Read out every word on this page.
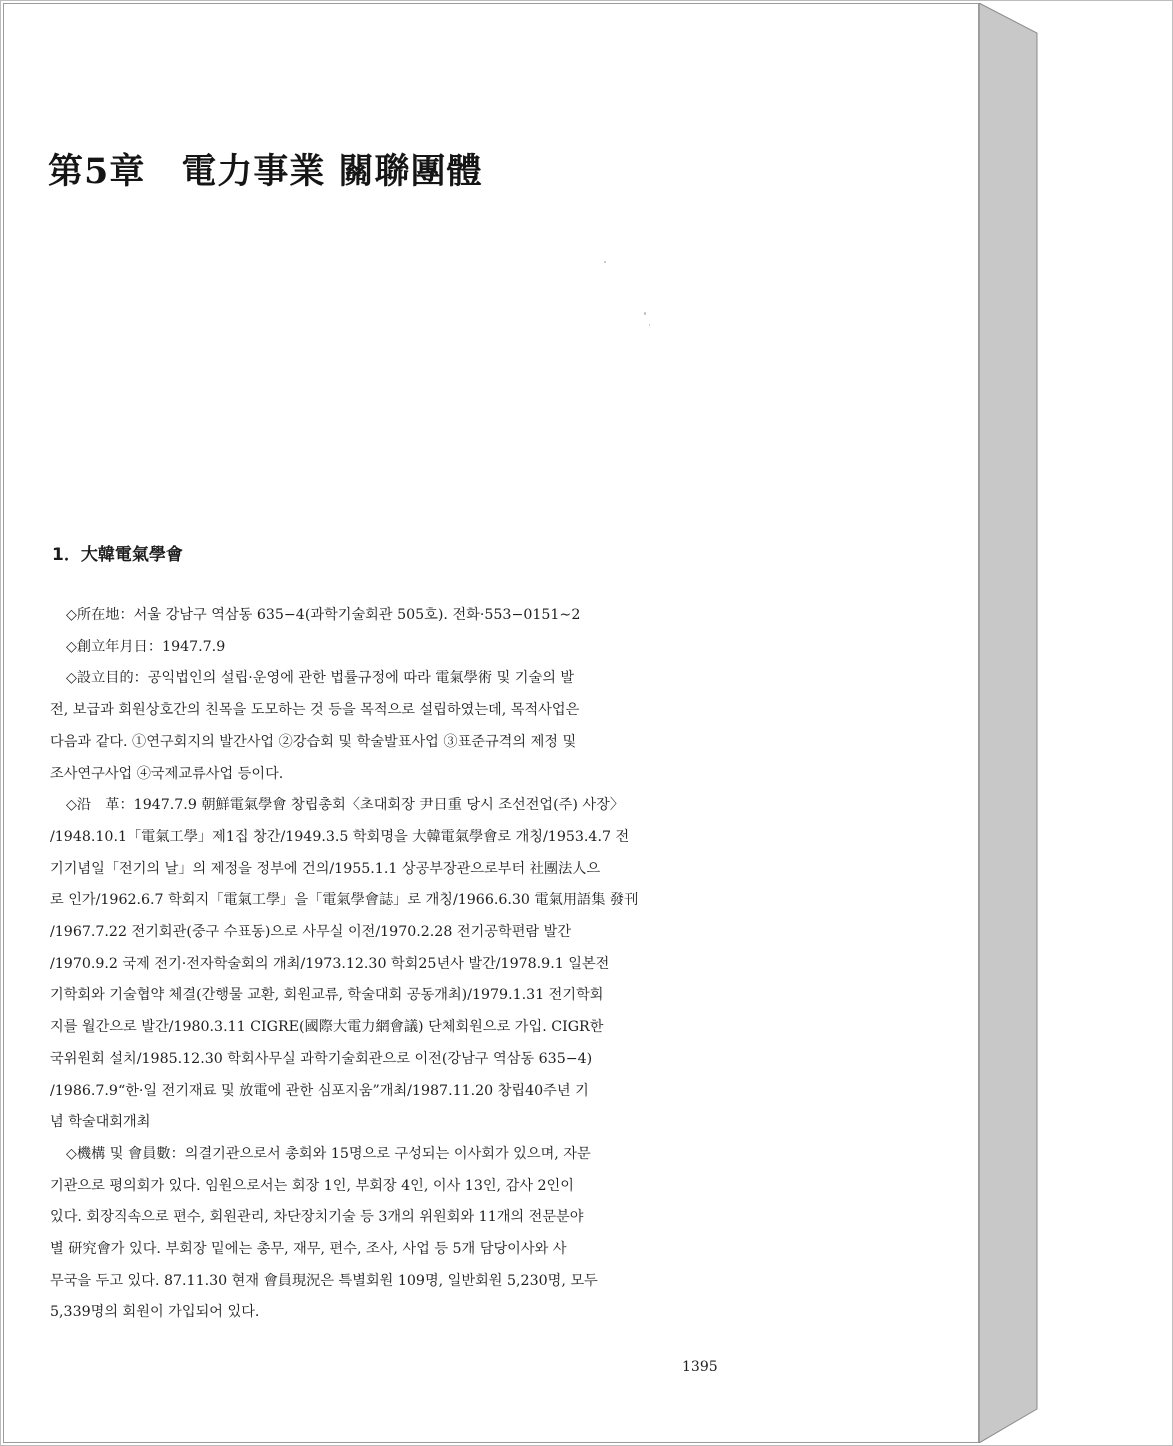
第5章　電力事業 關聯團體
1．大韓電氣學會

◇所在地：서울 강남구 역삼동 635−4(과학기술회관 505호). 전화·553−0151∼2

◇創立年月日：1947.7.9

◇設立目的：공익법인의 설립·운영에 관한 법률규정에 따라 電氣學術 및 기술의 발
전, 보급과 회원상호간의 친목을 도모하는 것 등을 목적으로 설립하였는데, 목적사업은
다음과 같다. ①연구회지의 발간사업 ②강습회 및 학술발표사업 ③표준규격의 제정 및
조사연구사업 ④국제교류사업 등이다.

◇沿　革：1947.7.9 朝鮮電氣學會 창립총회〈초대회장 尹日重 당시 조선전업(주) 사장〉
/1948.10.1「電氣工學」제1집 창간/1949.3.5 학회명을 大韓電氣學會로 개칭/1953.4.7 전
기기념일「전기의 날」의 제정을 정부에 건의/1955.1.1 상공부장관으로부터 社團法人으
로 인가/1962.6.7 학회지「電氣工學」을「電氣學會誌」로 개칭/1966.6.30 電氣用語集 發刊
/1967.7.22 전기회관(중구 수표동)으로 사무실 이전/1970.2.28 전기공학편람 발간
/1970.9.2 국제 전기·전자학술회의 개최/1973.12.30 학회25년사 발간/1978.9.1 일본전
기학회와 기술협약 체결(간행물 교환, 회원교류, 학술대회 공동개최)/1979.1.31 전기학회
지를 월간으로 발간/1980.3.11 CIGRE(國際大電力網會議) 단체회원으로 가입. CIGR한
국위원회 설치/1985.12.30 학회사무실 과학기술회관으로 이전(강남구 역삼동 635−4)
/1986.7.9“한·일 전기재료 및 放電에 관한 심포지움”개최/1987.11.20 창립40주년 기
념 학술대회개최

◇機構 및 會員數：의결기관으로서 총회와 15명으로 구성되는 이사회가 있으며, 자문
기관으로 평의회가 있다. 임원으로서는 회장 1인, 부회장 4인, 이사 13인, 감사 2인이
있다. 회장직속으로 편수, 회원관리, 차단장치기술 등 3개의 위원회와 11개의 전문분야
별 研究會가 있다. 부회장 밑에는 총무, 재무, 편수, 조사, 사업 등 5개 담당이사와 사
무국을 두고 있다. 87.11.30 현재 會員現況은 특별회원 109명, 일반회원 5,230명, 모두
5,339명의 회원이 가입되어 있다.

1395
